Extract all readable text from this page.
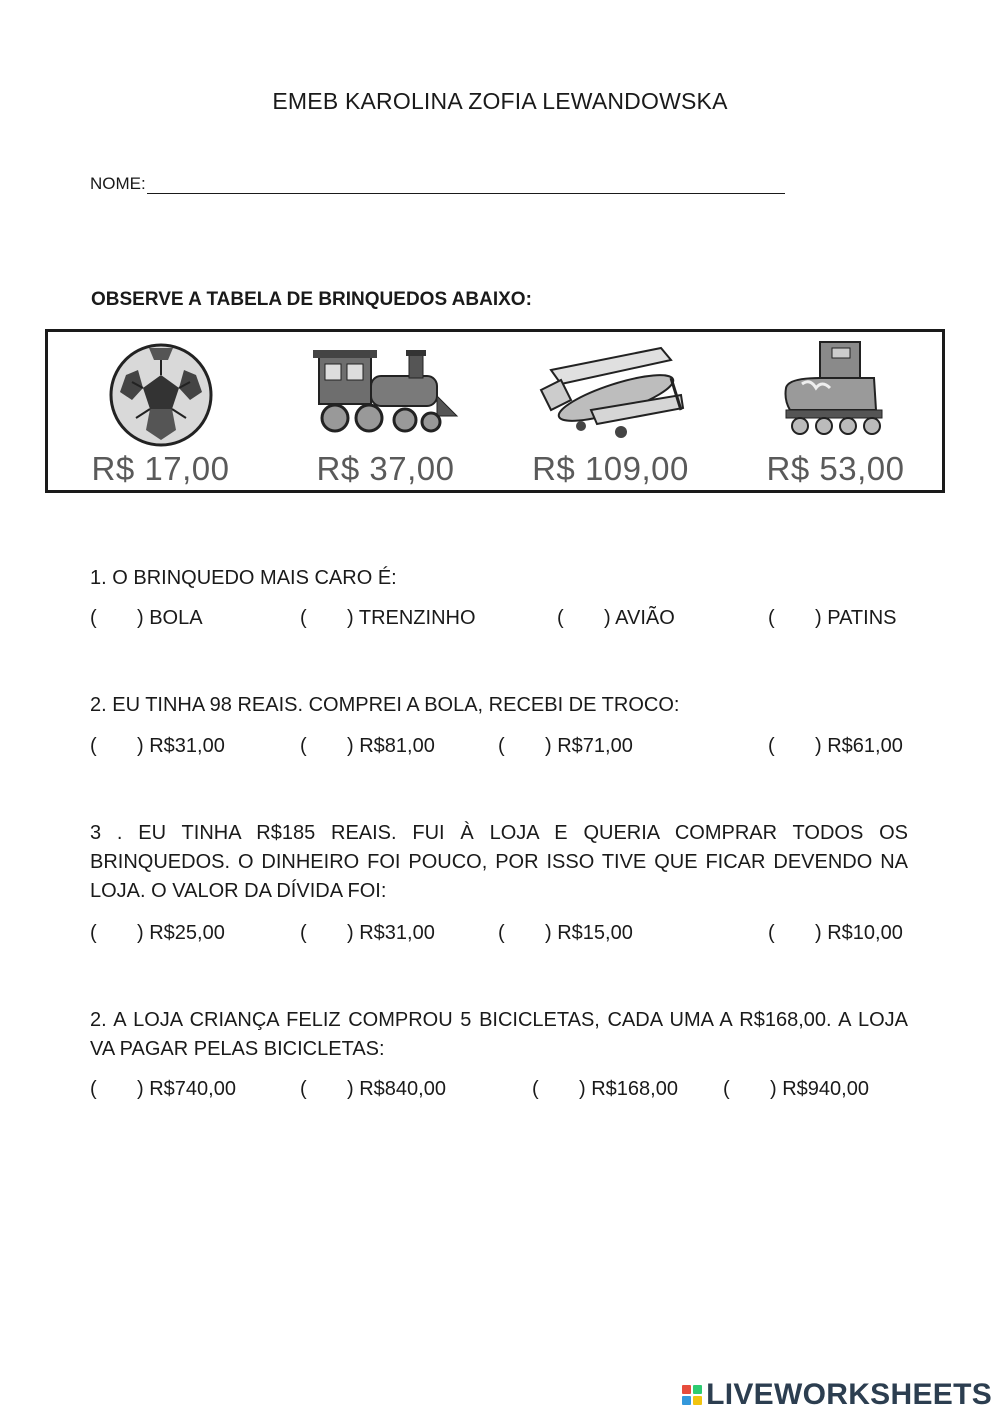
EMEB KAROLINA ZOFIA LEWANDOWSKA
NOME:
OBSERVE A TABELA DE BRINQUEDOS ABAIXO:
R$ 17,00	R$ 37,00	R$ 109,00	R$ 53,00
1. O BRINQUEDO MAIS CARO É:
( ) BOLA	( ) TRENZINHO	( ) AVIÃO	( ) PATINS
2. EU TINHA 98 REAIS. COMPREI A BOLA, RECEBI DE TROCO:
( ) R$31,00	( ) R$81,00	( ) R$71,00	( ) R$61,00
3 . EU TINHA R$185 REAIS. FUI À LOJA E QUERIA COMPRAR TODOS OS BRINQUEDOS. O DINHEIRO FOI POUCO, POR ISSO TIVE QUE FICAR DEVENDO NA LOJA. O VALOR DA DÍVIDA FOI:
( ) R$25,00	( ) R$31,00	( ) R$15,00	( ) R$10,00
2. A LOJA CRIANÇA FELIZ COMPROU 5 BICICLETAS, CADA UMA A R$168,00. A LOJA VA PAGAR PELAS BICICLETAS:
( ) R$740,00	( ) R$840,00	( ) R$168,00 ( ) R$940,00
LIVEWORKSHEETS
